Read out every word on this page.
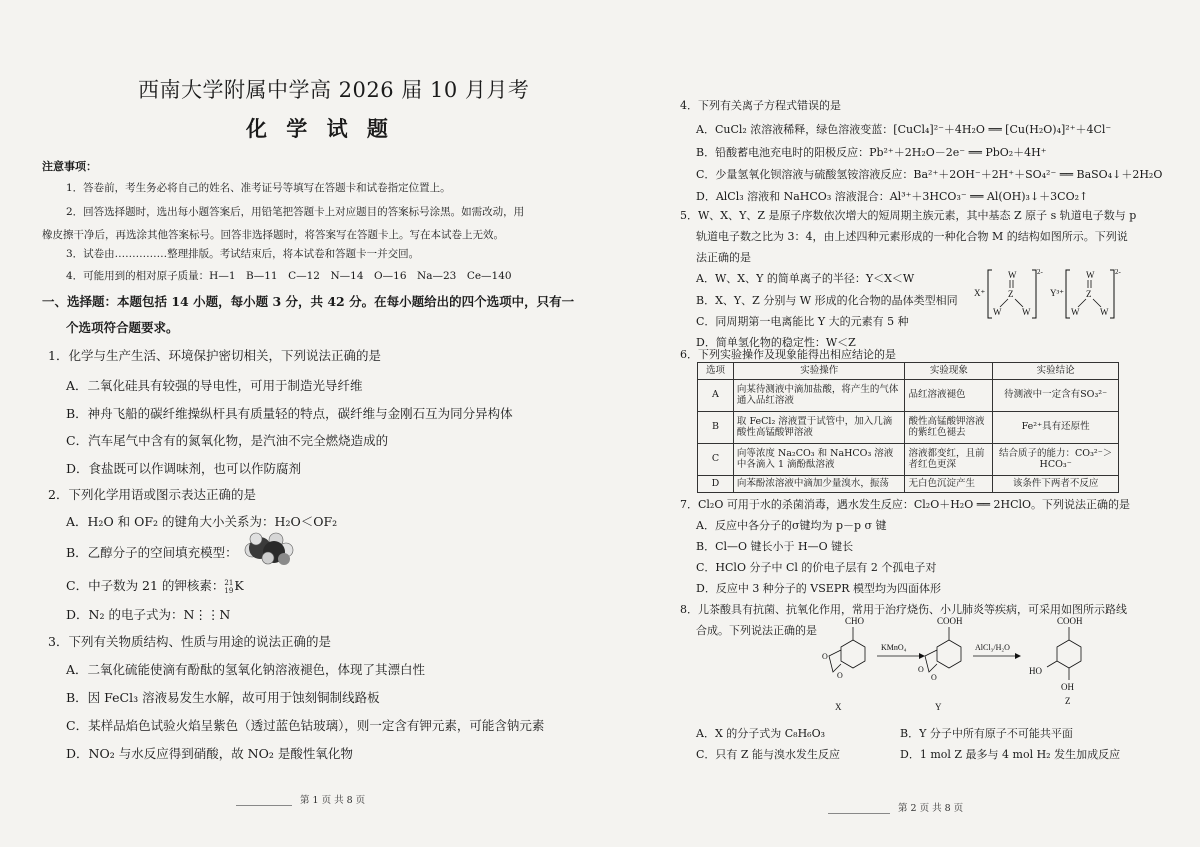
西南大学附属中学高 2026 届 10 月月考
化 学 试 题
注意事项：
1．答卷前，考生务必将自己的姓名、准考证号等填写在答题卡和试卷指定位置上。
2．回答选择题时，选出每小题答案后，用铅笔把答题卡上对应题目的答案标号涂黑。如需改动，用
橡皮擦干净后，再选涂其他答案标号。回答非选择题时，将答案写在答题卡上。写在本试卷上无效。
3．试卷由……………整理排版。考试结束后，将本试卷和答题卡一并交回。
4．可能用到的相对原子质量：H—1　B—11　C—12　N—14　O—16　Na—23　Ce—140
一、选择题：本题包括 14 小题，每小题 3 分，共 42 分。在每小题给出的四个选项中，只有一
个选项符合题要求。
1．化学与生产生活、环境保护密切相关，下列说法正确的是
A．二氧化硅具有较强的导电性，可用于制造光导纤维
B．神舟飞船的碳纤维操纵杆具有质量轻的特点，碳纤维与金刚石互为同分异构体
C．汽车尾气中含有的氮氧化物，是汽油不完全燃烧造成的
D．食盐既可以作调味剂，也可以作防腐剂
2．下列化学用语或图示表达正确的是
A．H₂O 和 OF₂ 的键角大小关系为：H₂O＜OF₂
B．乙醇分子的空间填充模型：
C．中子数为 21 的钾核素： 21
19 K
D．N₂ 的电子式为：N⋮⋮N
3．下列有关物质结构、性质与用途的说法正确的是
A．二氧化硫能使滴有酚酞的氢氧化钠溶液褪色，体现了其漂白性
B．因 FeCl₃ 溶液易发生水解，故可用于蚀刻铜制线路板
C．某样品焰色试验火焰呈紫色（透过蓝色钴玻璃），则一定含有钾元素，可能含钠元素
D．NO₂ 与水反应得到硝酸，故 NO₂ 是酸性氧化物
第 1 页 共 8 页
4．下列有关离子方程式错误的是
A．CuCl₂ 浓溶液稀释，绿色溶液变蓝：[CuCl₄]²⁻＋4H₂O ══ [Cu(H₂O)₄]²⁺＋4Cl⁻
B．铅酸蓄电池充电时的阳极反应：Pb²⁺＋2H₂O－2e⁻ ══ PbO₂＋4H⁺
C．少量氢氧化钡溶液与硫酸氢铵溶液反应：Ba²⁺＋2OH⁻＋2H⁺＋SO₄²⁻ ══ BaSO₄↓＋2H₂O
D．AlCl₃ 溶液和 NaHCO₃ 溶液混合：Al³⁺＋3HCO₃⁻ ══ Al(OH)₃↓＋3CO₂↑
5．W、X、Y、Z 是原子序数依次增大的短周期主族元素，其中基态 Z 原子 s 轨道电子数与 p
轨道电子数之比为 3：4，由上述四种元素形成的一种化合物 M 的结构如图所示。下列说
法正确的是
A．W、X、Y 的简单离子的半径：Y＜X＜W
B．X、Y、Z 分别与 W 形成的化合物的晶体类型相同
C．同周期第一电离能比 Y 大的元素有 5 种
D．简单氢化物的稳定性：W＜Z
X⁺
2-
W
Z
W W
Y³⁺
2-
W
Z
W W
6．下列实验操作及现象能得出相应结论的是
选项	实验操作	实验现象	实验结论
A	向某待测液中滴加盐酸，将产生的气体通入品红溶液	品红溶液褪色	待测液中一定含有SO₃²⁻
B	取 FeCl₂ 溶液置于试管中，加入几滴酸性高锰酸钾溶液	酸性高锰酸钾溶液的紫红色褪去	Fe²⁺具有还原性
C	向等浓度 Na₂CO₃ 和 NaHCO₃ 溶液中各滴入 1 滴酚酞溶液	溶液都变红，且前者红色更深	结合质子的能力：CO₃²⁻＞HCO₃⁻
D	向苯酚浓溶液中滴加少量溴水，振荡	无白色沉淀产生	该条件下两者不反应
7．Cl₂O 可用于水的杀菌消毒，遇水发生反应：Cl₂O＋H₂O ══ 2HClO。下列说法正确的是
A．反应中各分子的σ键均为 p－p σ 键
B．Cl—O 键长小于 H—O 键长
C．HClO 分子中 Cl 的价电子层有 2 个孤电子对
D．反应中 3 种分子的 VSEPR 模型均为四面体形
8．儿茶酸具有抗菌、抗氧化作用，常用于治疗烧伤、小儿肺炎等疾病，可采用如图所示路线
合成。下列说法正确的是
CHO
O
O
X
KMnO₄
COOH
O
O
Y
AlCl₃/H₂O
COOH
HO
OH
Z
A．X 的分子式为 C₈H₆O₃	B．Y 分子中所有原子不可能共平面
C．只有 Z 能与溴水发生反应	D．1 mol Z 最多与 4 mol H₂ 发生加成反应
第 2 页 共 8 页
